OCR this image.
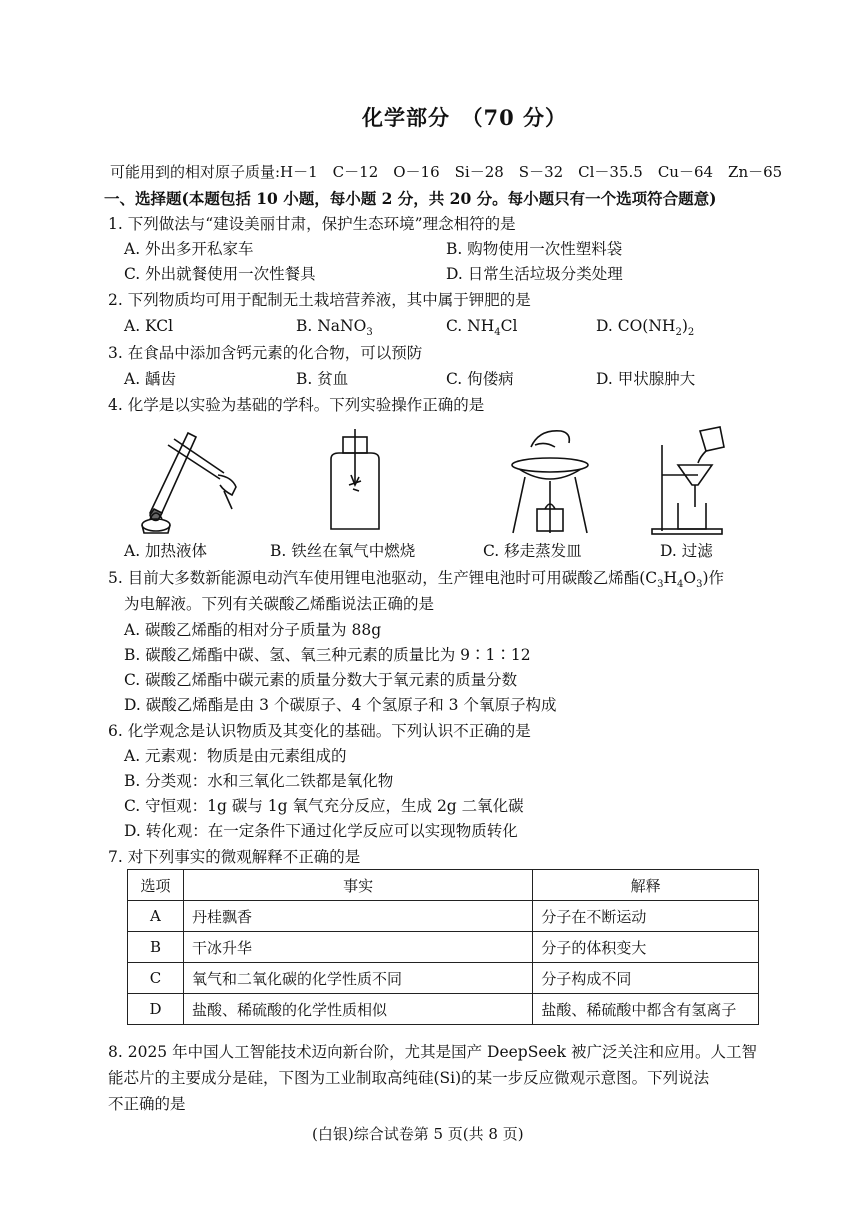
化学部分　（70 分）
可能用到的相对原子质量:H－1　C－12　O－16　Si－28　S－32　Cl－35.5　Cu－64　Zn－65
一、选择题(本题包括 10 小题，每小题 2 分，共 20 分。每小题只有一个选项符合题意)
1. 下列做法与“建设美丽甘肃，保护生态环境”理念相符的是
A. 外出多开私家车	B. 购物使用一次性塑料袋
C. 外出就餐使用一次性餐具	D. 日常生活垃圾分类处理
2. 下列物质均可用于配制无土栽培营养液，其中属于钾肥的是
A. KCl	B. NaNO$_3$	C. $NH_4Cl$	D. $CO(NH_2)_2$
3. 在食品中添加含钙元素的化合物，可以预防
A. 龋齿	B. 贫血	C. 佝偻病	D. 甲状腺肿大
4. 化学是以实验为基础的学科。下列实验操作正确的是
A. 加热液体	B. 铁丝在氧气中燃烧	C. 移走蒸发皿	D. 过滤
5. 目前大多数新能源电动汽车使用锂电池驱动，生产锂电池时可用碳酸乙烯酯$(C_3H_4O_3)$作
为电解液。下列有关碳酸乙烯酯说法正确的是
A. 碳酸乙烯酯的相对分子质量为 88g
B. 碳酸乙烯酯中碳、氢、氧三种元素的质量比为 9∶1∶12
C. 碳酸乙烯酯中碳元素的质量分数大于氧元素的质量分数
D. 碳酸乙烯酯是由 3 个碳原子、4 个氢原子和 3 个氧原子构成
6. 化学观念是认识物质及其变化的基础。下列认识不正确的是
A. 元素观：物质是由元素组成的
B. 分类观：水和三氧化二铁都是氧化物
C. 守恒观：1g 碳与 1g 氧气充分反应，生成 2g 二氧化碳
D. 转化观：在一定条件下通过化学反应可以实现物质转化
7. 对下列事实的微观解释不正确的是
选项	事实	解释
A	丹桂飘香	分子在不断运动
B	干冰升华	分子的体积变大
C	氧气和二氧化碳的化学性质不同	分子构成不同
D	盐酸、稀硫酸的化学性质相似	盐酸、稀硫酸中都含有氢离子
8. 2025 年中国人工智能技术迈向新台阶，尤其是国产 DeepSeek 被广泛关注和应用。人工智
能芯片的主要成分是硅，下图为工业制取高纯硅(Si)的某一步反应微观示意图。下列说法
不正确的是
(白银)综合试卷第 5 页(共 8 页)
